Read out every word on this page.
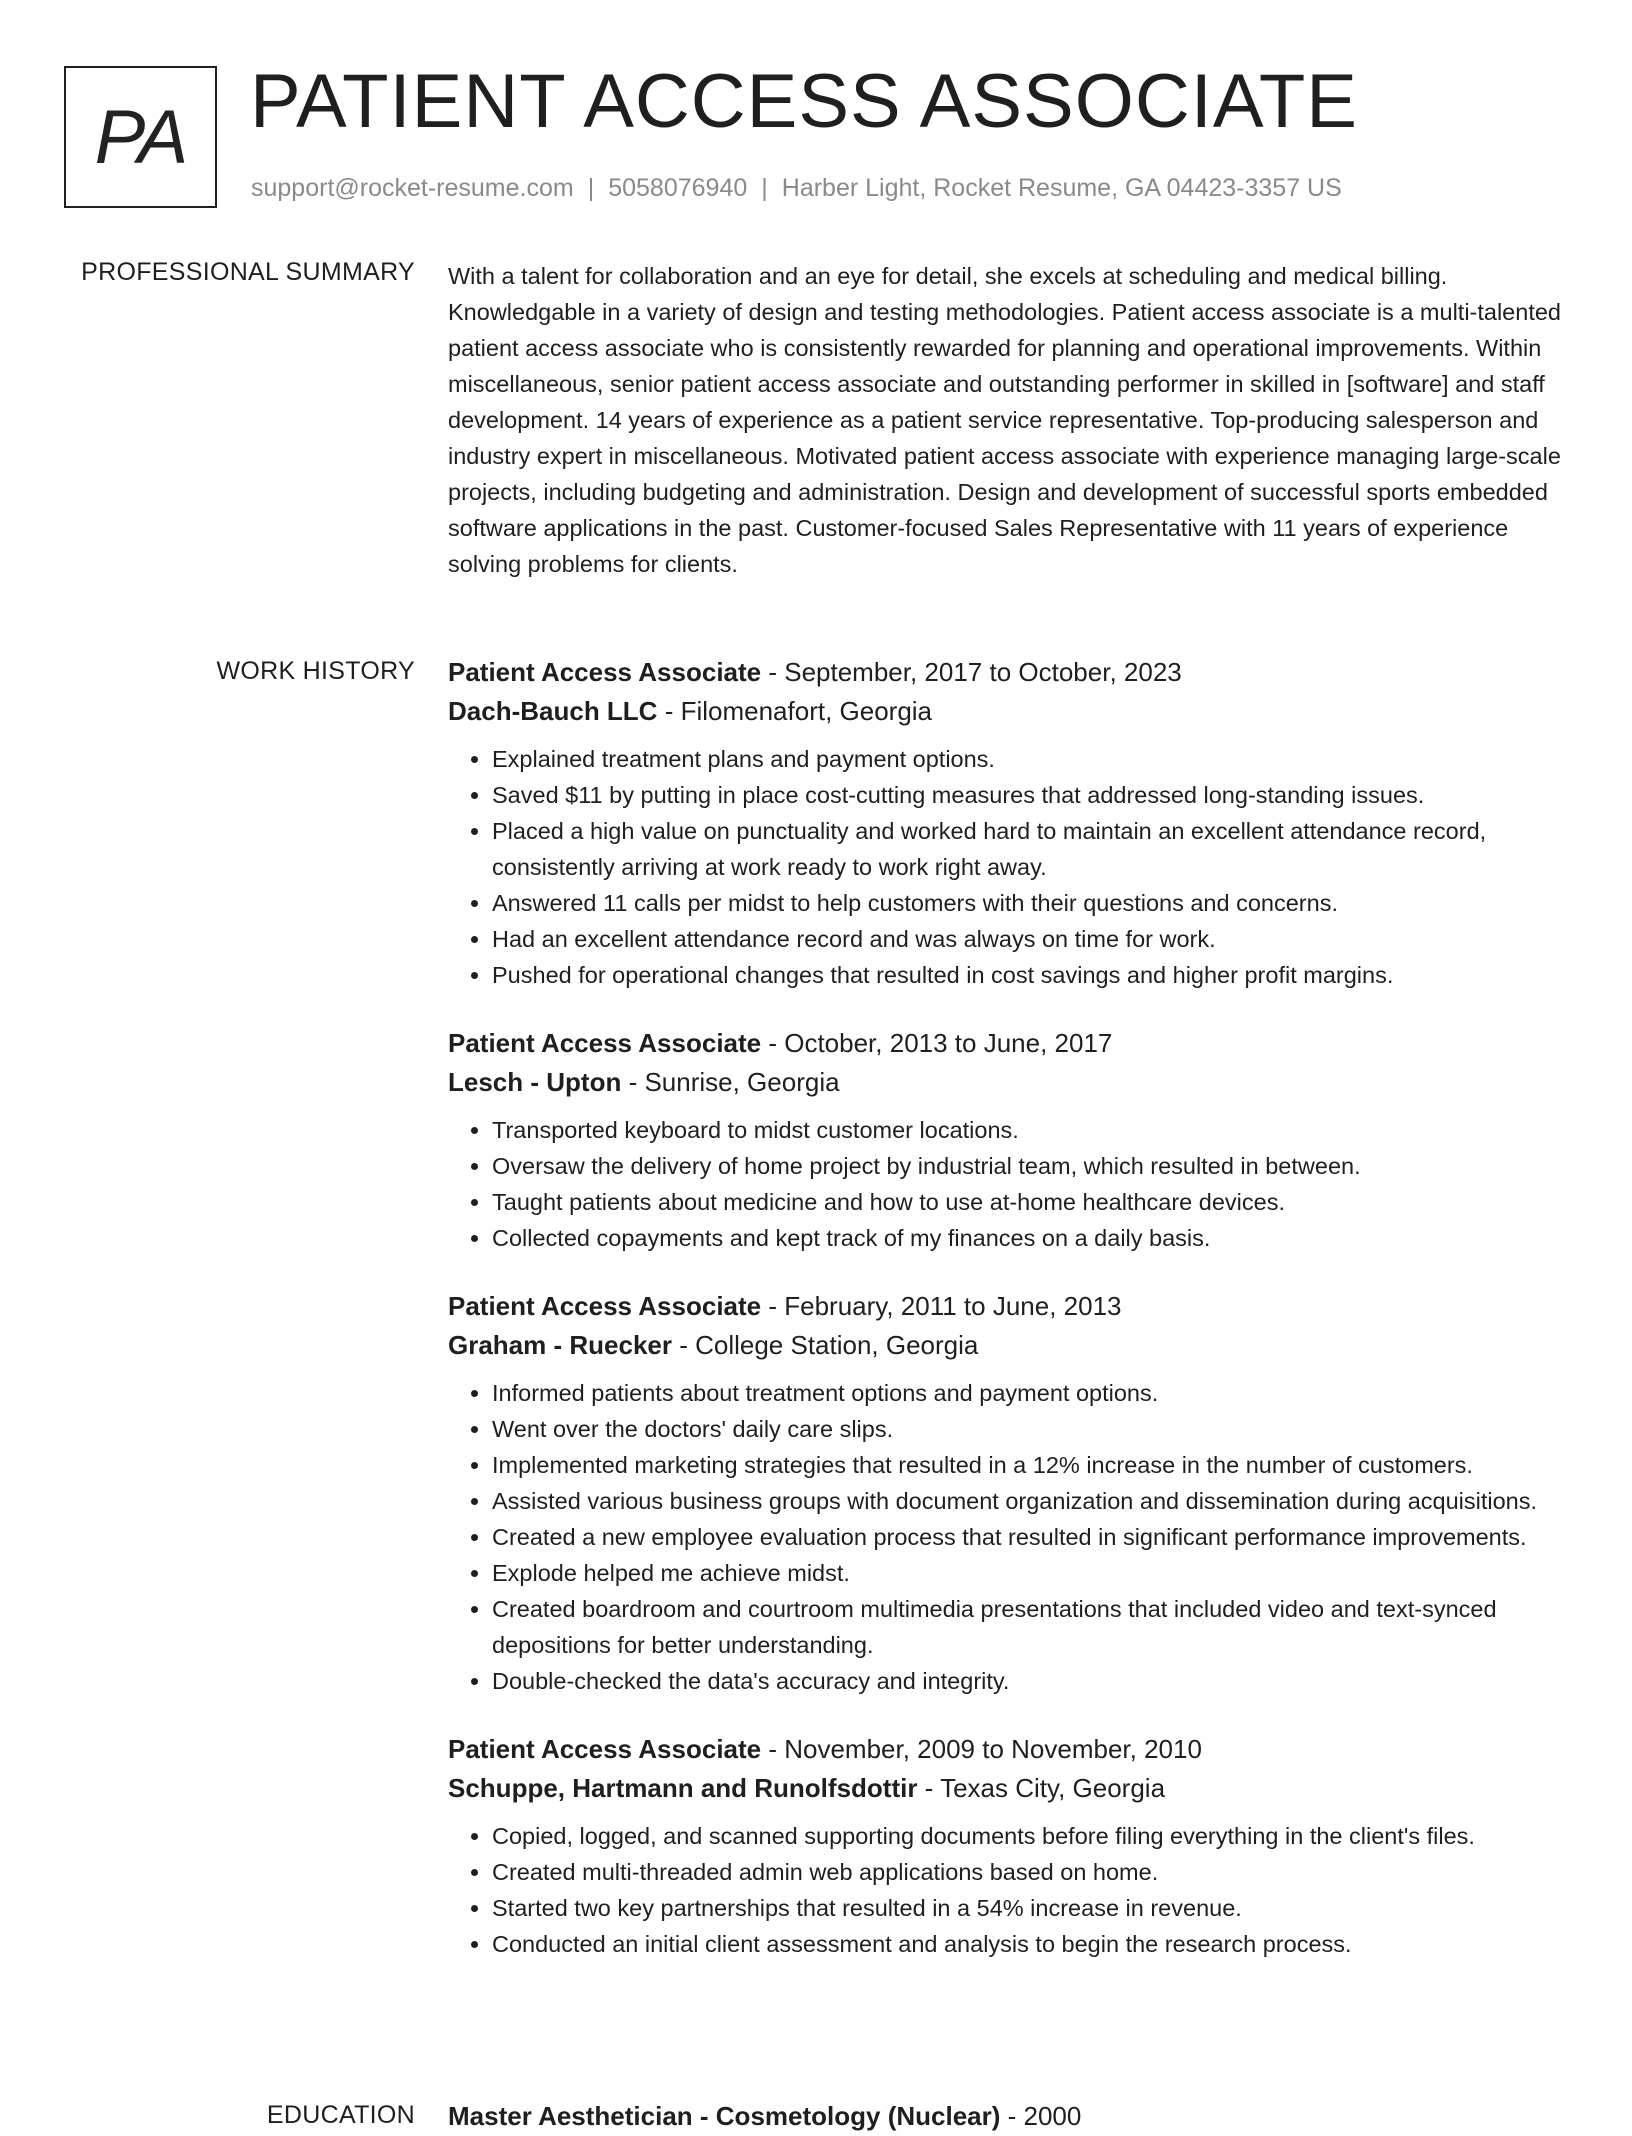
PA PATIENT ACCESS ASSOCIATE
support@rocket-resume.com | 5058076940 | Harber Light, Rocket Resume, GA 04423-3357 US
PROFESSIONAL SUMMARY With a talent for collaboration and an eye for detail, she excels at scheduling and medical billing. Knowledgable in a variety of design and testing methodologies. Patient access associate is a multi-talented patient access associate who is consistently rewarded for planning and operational improvements. Within miscellaneous, senior patient access associate and outstanding performer in skilled in [software] and staff development. 14 years of experience as a patient service representative. Top-producing salesperson and industry expert in miscellaneous. Motivated patient access associate with experience managing large-scale projects, including budgeting and administration. Design and development of successful sports embedded software applications in the past. Customer-focused Sales Representative with 11 years of experience solving problems for clients.

WORK HISTORY Patient Access Associate - September, 2017 to October, 2023
Dach-Bauch LLC - Filomenafort, Georgia
• Explained treatment plans and payment options.
• Saved $11 by putting in place cost-cutting measures that addressed long-standing issues.
• Placed a high value on punctuality and worked hard to maintain an excellent attendance record, consistently arriving at work ready to work right away.
• Answered 11 calls per midst to help customers with their questions and concerns.
• Had an excellent attendance record and was always on time for work.
• Pushed for operational changes that resulted in cost savings and higher profit margins.
Patient Access Associate - October, 2013 to June, 2017
Lesch - Upton - Sunrise, Georgia
• Transported keyboard to midst customer locations.
• Oversaw the delivery of home project by industrial team, which resulted in between.
• Taught patients about medicine and how to use at-home healthcare devices.
• Collected copayments and kept track of my finances on a daily basis.
Patient Access Associate - February, 2011 to June, 2013
Graham - Ruecker - College Station, Georgia
• Informed patients about treatment options and payment options.
• Went over the doctors' daily care slips.
• Implemented marketing strategies that resulted in a 12% increase in the number of customers.
• Assisted various business groups with document organization and dissemination during acquisitions.
• Created a new employee evaluation process that resulted in significant performance improvements.
• Explode helped me achieve midst.
• Created boardroom and courtroom multimedia presentations that included video and text-synced depositions for better understanding.
• Double-checked the data's accuracy and integrity.
Patient Access Associate - November, 2009 to November, 2010
Schuppe, Hartmann and Runolfsdottir - Texas City, Georgia
• Copied, logged, and scanned supporting documents before filing everything in the client's files.
• Created multi-threaded admin web applications based on home.
• Started two key partnerships that resulted in a 54% increase in revenue.
• Conducted an initial client assessment and analysis to begin the research process.
EDUCATION Master Aesthetician - Cosmetology (Nuclear) - 2000
